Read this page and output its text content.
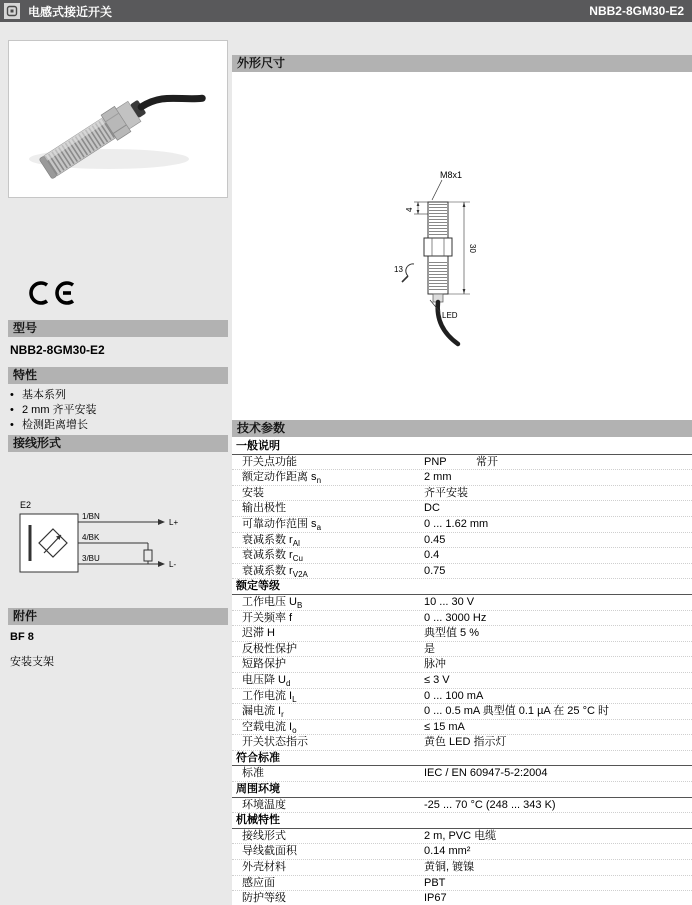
电感式接近开关	NBB2-8GM30-E2
型号
NBB2-8GM30-E2
特性
• 基本系列
• 2 mm 齐平安装
• 检测距离增长
接线形式
E2
1/BN
L+
4/BK
3/BU
L-
附件
BF 8
安装支架
外形尺寸
M8x1
4
30
13
LED
技术参数
一般说明
开关点功能	PNP	常开
额定动作距离 $s_n$	2 mm
安装	齐平安装
输出极性	DC
可靠动作范围 $s_a$	0 ... 1.62 mm
衰减系数 $r_{Al}$	0.45
衰减系数 $r_{Cu}$	0.4
衰减系数 $r_{V2A}$	0.75
额定等级
工作电压 $U_B$	10 ... 30 V
开关频率 f	0 ... 3000 Hz
迟滞 H	典型值 5 %
反极性保护	是
短路保护	脉冲
电压降 $U_d$	≤ 3 V
工作电流 $I_L$	0 ... 100 mA
漏电流 $I_r$	0 ... 0.5 mA 典型值 0.1 µA 在 25 °C 时
空载电流 $I_o$	≤ 15 mA
开关状态指示	黄色 LED 指示灯
符合标准
标准	IEC / EN 60947-5-2:2004
周围环境
环境温度	-25 ... 70 °C (248 ... 343 K)
机械特性
接线形式	2 m, PVC 电缆
导线截面积	0.14 mm²
外壳材料	黄铜, 镀镍
感应面	PBT
防护等级	IP67
